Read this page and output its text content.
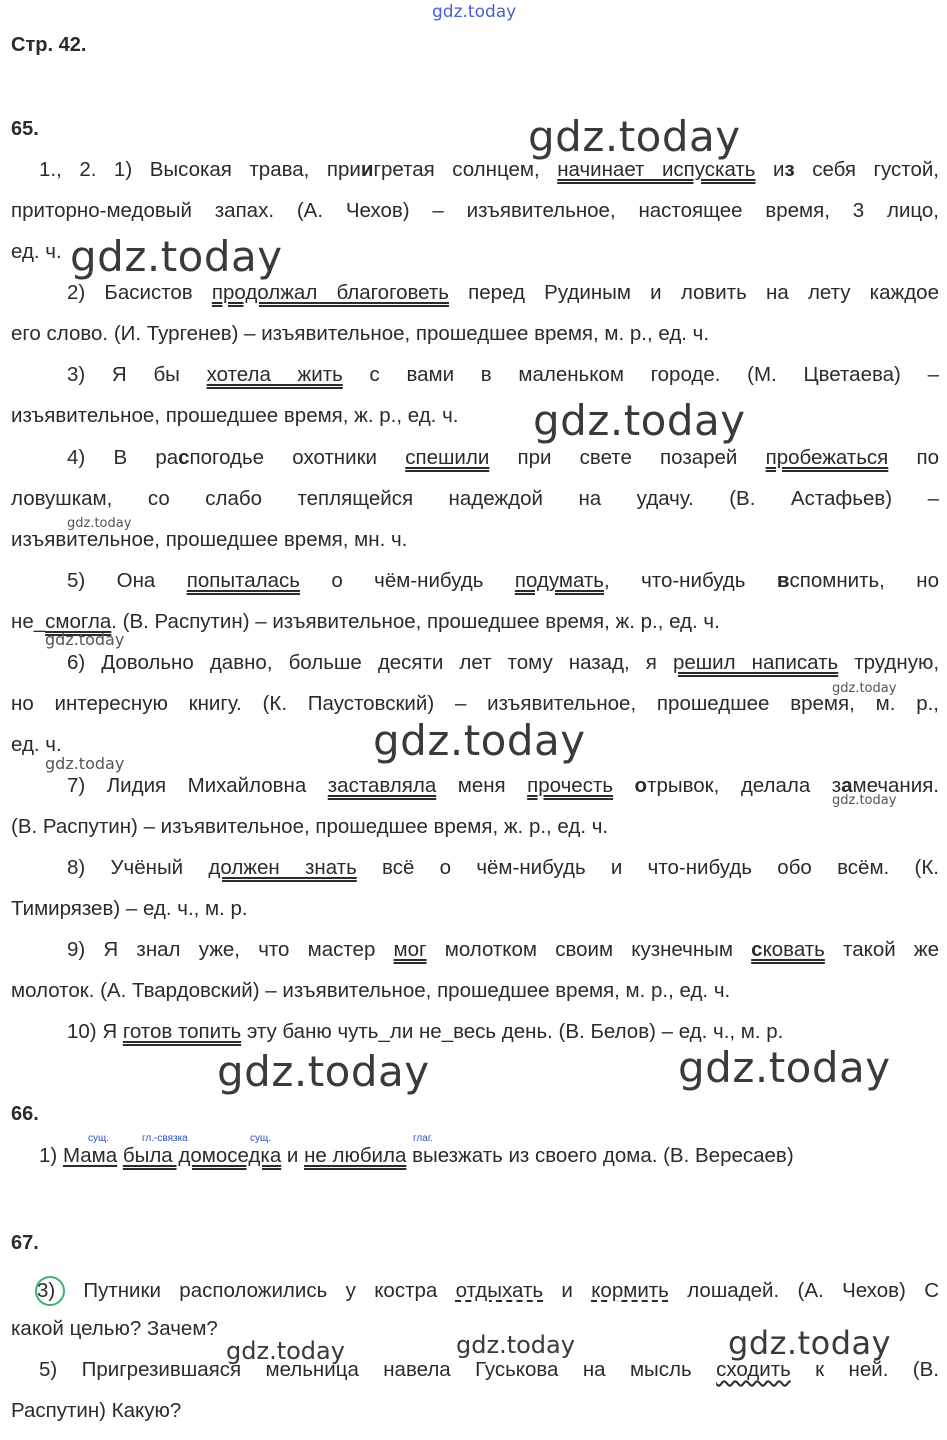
gdz.today
Стр. 42.
65.
1., 2. 1) Высокая трава, приигретая солнцем, начинает испускать из себя густой,
приторно-медовый запах. (А. Чехов) – изъявительное, настоящее время, 3 лицо,
ед. ч.
2) Басистов продолжал благоговеть перед Рудиным и ловить на лету каждое
его слово. (И. Тургенев) – изъявительное, прошедшее время, м. р., ед. ч.
3) Я бы хотела жить с вами в маленьком городе. (М. Цветаева) –
изъявительное, прошедшее время, ж. р., ед. ч.
4) В распогодье охотники спешили при свете позарей пробежаться по
ловушкам, со слабо теплящейся надеждой на удачу. (В. Астафьев) –
изъявительное, прошедшее время, мн. ч.
5) Она попыталась о чём-нибудь подумать, что-нибудь вспомнить, но
не_смогла. (В. Распутин) – изъявительное, прошедшее время, ж. р., ед. ч.
6) Довольно давно, больше десяти лет тому назад, я решил написать трудную,
но интересную книгу. (К. Паустовский) – изъявительное, прошедшее время, м. р.,
ед. ч.
7) Лидия Михайловна заставляла меня прочесть отрывок, делала замечания.
(В. Распутин) – изъявительное, прошедшее время, ж. р., ед. ч.
8) Учёный должен знать всё о чём-нибудь и что-нибудь обо всём. (К.
Тимирязев) – ед. ч., м. р.
9) Я знал уже, что мастер мог молотком своим кузнечным сковать такой же
молоток. (А. Твардовский) – изъявительное, прошедшее время, м. р., ед. ч.
10) Я готов топить эту баню чуть_ли не_весь день. (В. Белов) – ед. ч., м. р.
66.
сущ.	гл.-связка	сущ.	глаг.
1) Мама была домоседка и не любила выезжать из своего дома. (В. Вересаев)
67.
3) Путники расположились у костра отдыхать и кормить лошадей. (А. Чехов) С
какой целью? Зачем?
5) Пригрезившаяся мельница навела Гуськова на мысль сходить к ней. (В.
Распутин) Какую?
gdz.today
gdz.today
gdz.today
gdz.today
gdz.today
gdz.today
gdz.today
gdz.today
gdz.today
gdz.today	gdz.today
gdz.today
gdz.today	gdz.today
